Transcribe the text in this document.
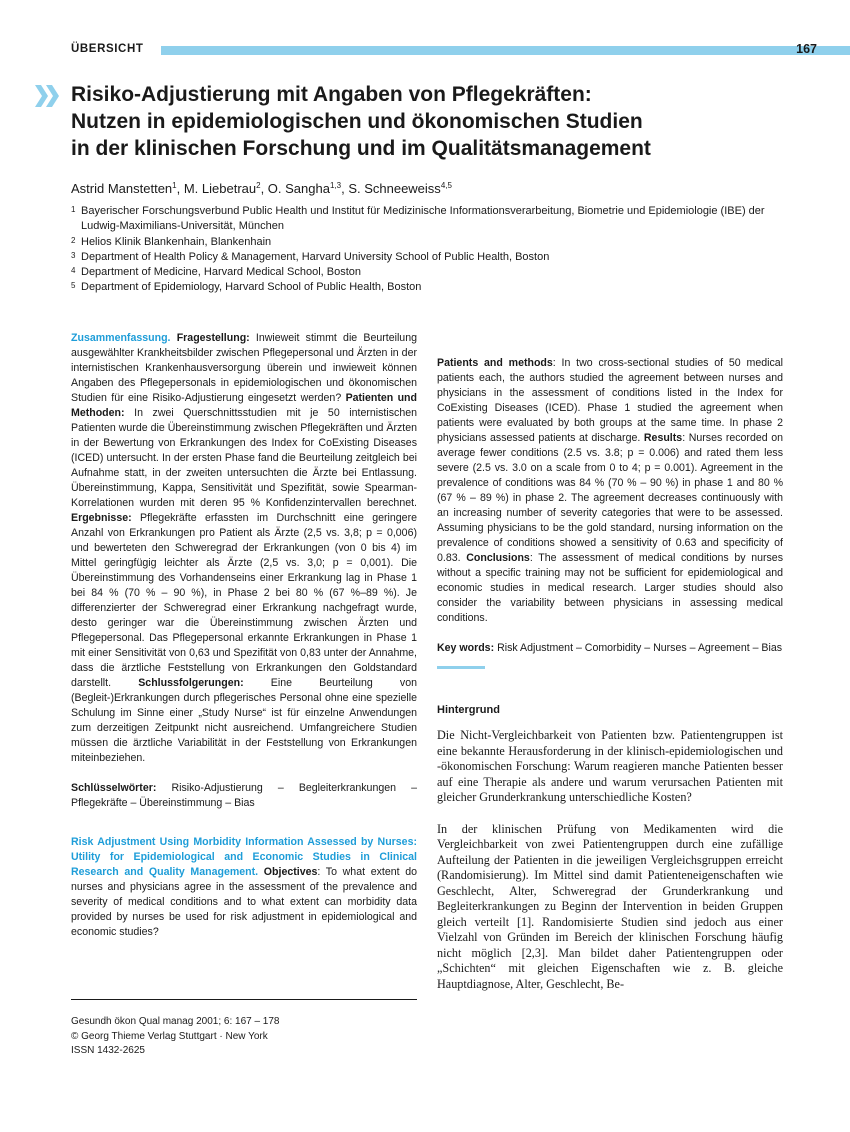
ÜBERSICHT	167
Risiko-Adjustierung mit Angaben von Pflegekräften:
Nutzen in epidemiologischen und ökonomischen Studien
in der klinischen Forschung und im Qualitätsmanagement
Astrid Manstetten$^1$, M. Liebetrau$^2$, O. Sangha$^{1,3}$, S. Schneeweiss$^{4,5}$
1 Bayerischer Forschungsverbund Public Health und Institut für Medizinische Informationsverarbeitung, Biometrie und Epidemiologie (IBE) der Ludwig-Maximilians-Universität, München
2 Helios Klinik Blankenhain, Blankenhain
3 Department of Health Policy & Management, Harvard University School of Public Health, Boston
4 Department of Medicine, Harvard Medical School, Boston
5 Department of Epidemiology, Harvard School of Public Health, Boston
Zusammenfassung. Fragestellung: Inwieweit stimmt die Beurteilung ausgewählter Krankheitsbilder zwischen Pflegepersonal und Ärzten in der internistischen Krankenhausversorgung überein und inwieweit können Angaben des Pflegepersonals in epidemiologischen und ökonomischen Studien für eine Risiko-Adjustierung eingesetzt werden? Patienten und Methoden: In zwei Querschnittsstudien mit je 50 internistischen Patienten wurde die Übereinstimmung zwischen Pflegekräften und Ärzten in der Bewertung von Erkrankungen des Index for CoExisting Diseases (ICED) untersucht. In der ersten Phase fand die Beurteilung zeitgleich bei Aufnahme statt, in der zweiten untersuchten die Ärzte bei Entlassung. Übereinstimmung, Kappa, Sensitivität und Spezifität, sowie Spearman-Korrelationen wurden mit deren 95 % Konfidenzintervallen berechnet. Ergebnisse: Pflegekräfte erfassten im Durchschnitt eine geringere Anzahl von Erkrankungen pro Patient als Ärzte (2,5 vs. 3,8; p = 0,006) und bewerteten den Schweregrad der Erkrankungen (von 0 bis 4) im Mittel geringfügig leichter als Ärzte (2,5 vs. 3,0; p = 0,001). Die Übereinstimmung des Vorhandenseins einer Erkrankung lag in Phase 1 bei 84 % (70 % – 90 %), in Phase 2 bei 80 % (67 %–89 %). Je differenzierter der Schweregrad einer Erkrankung nachgefragt wurde, desto geringer war die Übereinstimmung zwischen Ärzten und Pflegepersonal. Das Pflegepersonal erkannte Erkrankungen in Phase 1 mit einer Sensitivität von 0,63 und Spezifität von 0,83 unter der Annahme, dass die ärztliche Feststellung von Erkrankungen den Goldstandard darstellt.	Schlussfolgerungen:	Eine Beurteilung von (Begleit-)Erkrankungen durch pflegerisches Personal ohne eine spezielle Schulung im Sinne einer „Study Nurse“ ist für einzelne Anwendungen zum derzeitigen Zeitpunkt nicht ausreichend. Umfangreichere Studien müssen die ärztliche Variabilität in der Feststellung von Erkrankungen miteinbeziehen.
Schlüsselwörter: Risiko-Adjustierung – Begleiterkrankungen – Pflegekräfte – Übereinstimmung – Bias
Risk Adjustment Using Morbidity Information Assessed by Nurses: Utility for Epidemiological and Economic Studies in Clinical Research and Quality Management. Objectives: To what extent do nurses and physicians agree in the assessment of the prevalence and severity of medical conditions and to what extent can morbidity data provided by nurses be used for risk adjustment in epidemiological and economic studies?
Patients and methods: In two cross-sectional studies of 50 medical patients each, the authors studied the agreement between nurses and physicians in the assessment of conditions listed in the Index for CoExisting Diseases (ICED). Phase 1 studied the agreement when patients were evaluated by both groups at the same time. In phase 2 physicians assessed patients at discharge. Results: Nurses recorded on average fewer conditions (2.5 vs. 3.8; p = 0.006) and rated them less severe (2.5 vs. 3.0 on a scale from 0 to 4; p = 0.001). Agreement in the prevalence of conditions was 84 % (70 % – 90 %) in phase 1 and 80 % (67 % – 89 %) in phase 2. The agreement decreases continuously with an increasing number of severity categories that were to be assessed. Assuming physicians to be the gold standard, nursing information on the prevalence of conditions showed a sensitivity of 0.63 and specificity of 0.83. Conclusions: The assessment of medical conditions by nurses without a specific training may not be sufficient for epidemiological and economic studies in medical research. Larger studies should also consider the variability between physicians in assessing medical conditions.
Key words: Risk Adjustment – Comorbidity – Nurses – Agreement – Bias
Hintergrund
Die Nicht-Vergleichbarkeit von Patienten bzw. Patientengruppen ist eine bekannte Herausforderung in der klinisch-epidemiologischen und -ökonomischen Forschung: Warum reagieren manche Patienten besser auf eine Therapie als andere und warum verursachen Patienten mit gleicher Grunderkrankung unterschiedliche Kosten?
In der klinischen Prüfung von Medikamenten wird die Vergleichbarkeit von zwei Patientengruppen durch eine zufällige Aufteilung der Patienten in die jeweiligen Vergleichsgruppen erreicht (Randomisierung). Im Mittel sind damit Patienteneigenschaften wie Geschlecht, Alter, Schweregrad der Grunderkrankung und Begleiterkrankungen zu Beginn der Intervention in beiden Gruppen gleich verteilt [1]. Randomisierte Studien sind jedoch aus einer Vielzahl von Gründen im Bereich der klinischen Forschung häufig nicht möglich [2,3]. Man bildet daher Patientengruppen oder „Schichten“ mit gleichen Eigenschaften wie z. B. gleiche Hauptdiagnose, Alter, Geschlecht, Be-
Gesundh ökon Qual manag 2001; 6: 167 – 178
© Georg Thieme Verlag Stuttgart · New York
ISSN 1432-2625
